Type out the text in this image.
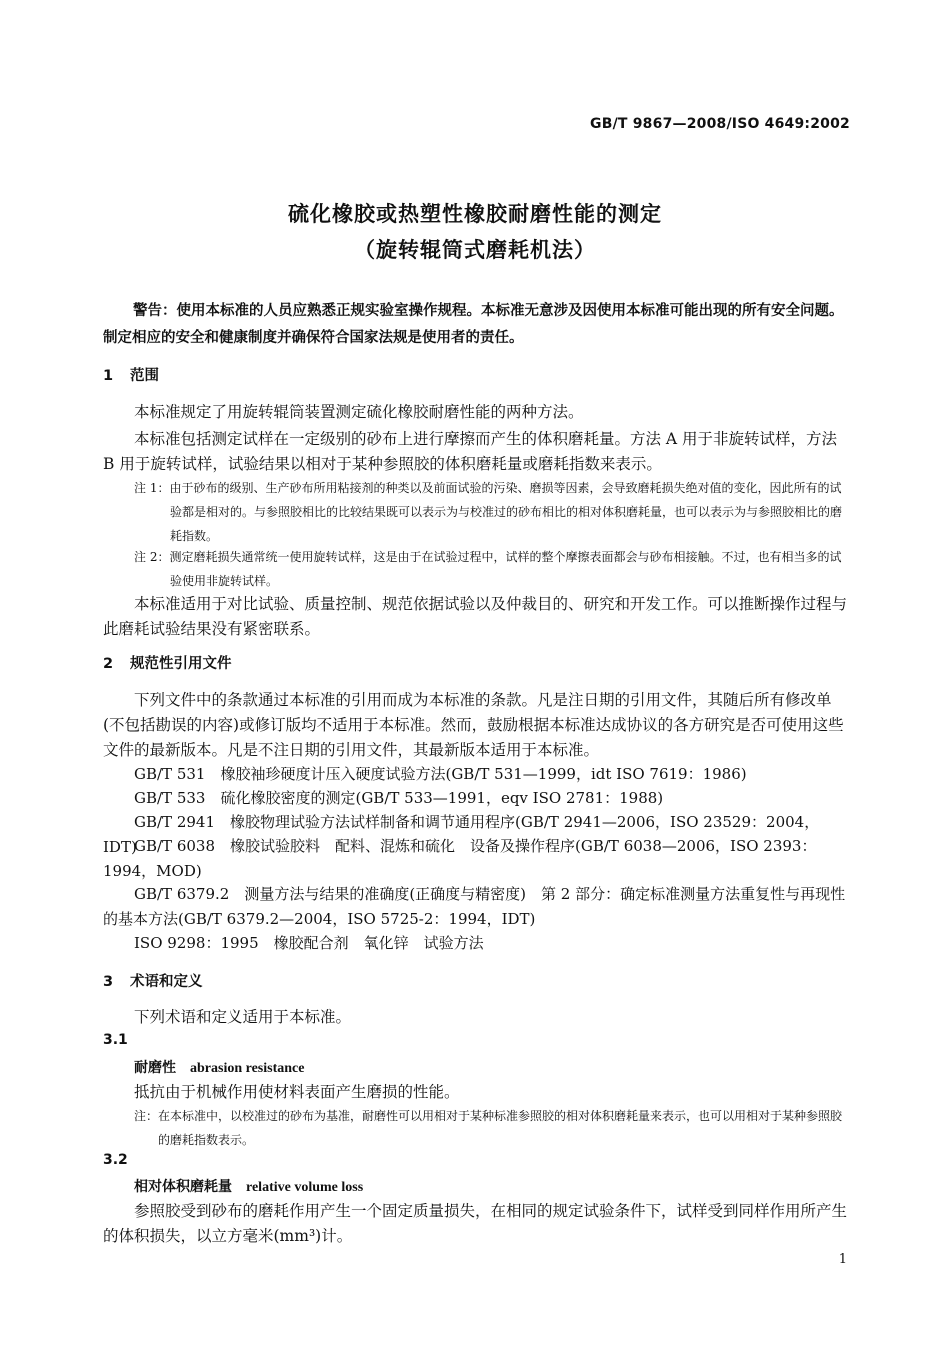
GB/T 9867—2008/ISO 4649:2002
硫化橡胶或热塑性橡胶耐磨性能的测定
（旋转辊筒式磨耗机法）
警告：使用本标准的人员应熟悉正规实验室操作规程。本标准无意涉及因使用本标准可能出现的所有安全问题。制定相应的安全和健康制度并确保符合国家法规是使用者的责任。
1 范围
本标准规定了用旋转辊筒装置测定硫化橡胶耐磨性能的两种方法。
本标准包括测定试样在一定级别的砂布上进行摩擦而产生的体积磨耗量。方法 A 用于非旋转试样，方法 B 用于旋转试样，试验结果以相对于某种参照胶的体积磨耗量或磨耗指数来表示。
注 1：由于砂布的级别、生产砂布所用粘接剂的种类以及前面试验的污染、磨损等因素，会导致磨耗损失绝对值的变化，因此所有的试验都是相对的。与参照胶相比的比较结果既可以表示为与校准过的砂布相比的相对体积磨耗量，也可以表示为与参照胶相比的磨耗指数。
注 2：测定磨耗损失通常统一使用旋转试样，这是由于在试验过程中，试样的整个摩擦表面都会与砂布相接触。不过，也有相当多的试验使用非旋转试样。
本标准适用于对比试验、质量控制、规范依据试验以及仲裁目的、研究和开发工作。可以推断操作过程与此磨耗试验结果没有紧密联系。
2 规范性引用文件
下列文件中的条款通过本标准的引用而成为本标准的条款。凡是注日期的引用文件，其随后所有修改单(不包括勘误的内容)或修订版均不适用于本标准。然而，鼓励根据本标准达成协议的各方研究是否可使用这些文件的最新版本。凡是不注日期的引用文件，其最新版本适用于本标准。
GB/T 531　橡胶袖珍硬度计压入硬度试验方法(GB/T 531—1999，idt ISO 7619：1986)
GB/T 533　硫化橡胶密度的测定(GB/T 533—1991，eqv ISO 2781：1988)
GB/T 2941　橡胶物理试验方法试样制备和调节通用程序(GB/T 2941—2006，ISO 23529：2004，IDT)
GB/T 6038　橡胶试验胶料　配料、混炼和硫化　设备及操作程序(GB/T 6038—2006，ISO 2393：1994，MOD)
GB/T 6379.2　测量方法与结果的准确度(正确度与精密度)　第 2 部分：确定标准测量方法重复性与再现性的基本方法(GB/T 6379.2—2004，ISO 5725-2：1994，IDT)
ISO 9298：1995　橡胶配合剂　氧化锌　试验方法
3 术语和定义
下列术语和定义适用于本标准。
3.1
耐磨性 abrasion resistance
抵抗由于机械作用使材料表面产生磨损的性能。
注：在本标准中，以校准过的砂布为基准，耐磨性可以用相对于某种标准参照胶的相对体积磨耗量来表示，也可以用相对于某种参照胶的磨耗指数表示。
3.2
相对体积磨耗量 relative volume loss
参照胶受到砂布的磨耗作用产生一个固定质量损失，在相同的规定试验条件下，试样受到同样作用所产生的体积损失，以立方毫米(mm³)计。
1
